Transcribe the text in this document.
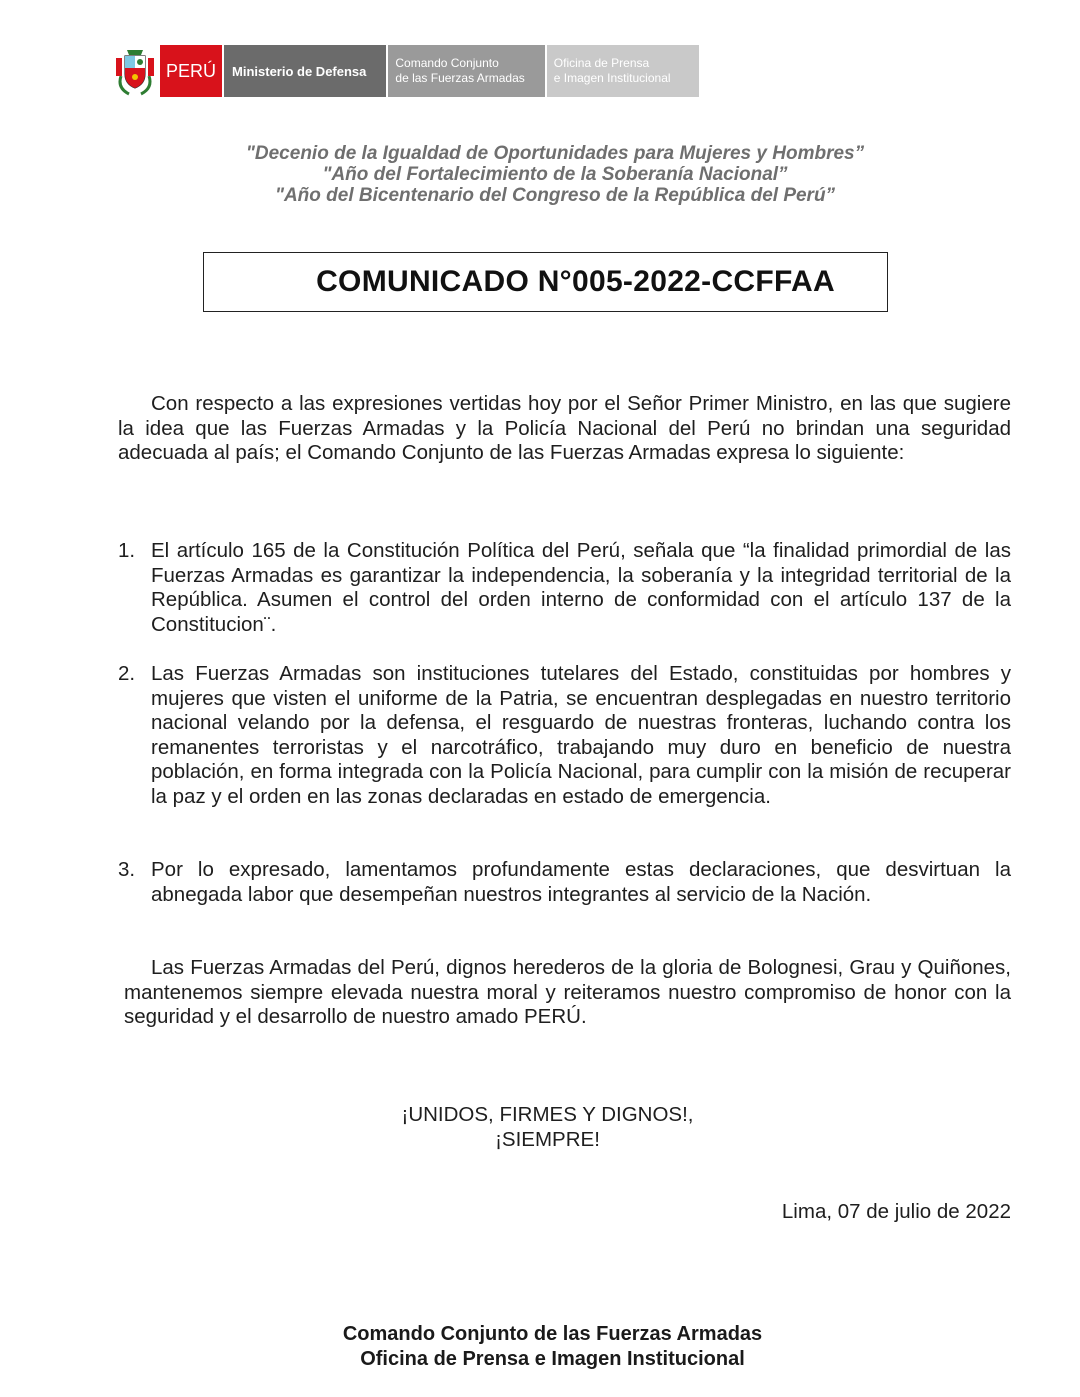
PERÚ	Ministerio de Defensa
Comando Conjunto
de las Fuerzas Armadas
Oficina de Prensa
e Imagen Institucional
"Decenio de la Igualdad de Oportunidades para Mujeres y Hombres”
"Año del Fortalecimiento de la Soberanía Nacional”
"Año del Bicentenario del Congreso de la República del Perú”
COMUNICADO N°005-2022-CCFFAA
Con respecto a las expresiones vertidas hoy por el Señor Primer Ministro, en las que sugiere la idea que las Fuerzas Armadas y la Policía Nacional del Perú no brindan una seguridad adecuada al país; el Comando Conjunto de las Fuerzas Armadas expresa lo siguiente:
1. El artículo 165 de la Constitución Política del Perú, señala que “la finalidad primordial de las Fuerzas Armadas es garantizar la independencia, la soberanía y la integridad territorial de la República. Asumen el control del orden interno de conformidad con el artículo 137 de la Constitucion¨.
2. Las Fuerzas Armadas son instituciones tutelares del Estado, constituidas por hombres y mujeres que visten el uniforme de la Patria, se encuentran desplegadas en nuestro territorio nacional velando por la defensa, el resguardo de nuestras fronteras, luchando contra los remanentes terroristas y el narcotráfico, trabajando muy duro en beneficio de nuestra población, en forma integrada con la Policía Nacional, para cumplir con la misión de recuperar la paz y el orden en las zonas declaradas en estado de emergencia.
3. Por lo expresado, lamentamos profundamente estas declaraciones, que desvirtuan la abnegada labor que desempeñan nuestros integrantes al servicio de la Nación.
Las Fuerzas Armadas del Perú, dignos herederos de la gloria de Bolognesi, Grau y Quiñones, mantenemos siempre elevada nuestra moral y reiteramos nuestro compromiso de honor con la seguridad y el desarrollo de nuestro amado PERÚ.
¡UNIDOS, FIRMES Y DIGNOS!,
¡SIEMPRE!
Lima, 07 de julio de 2022
Comando Conjunto de las Fuerzas Armadas
Oficina de Prensa e Imagen Institucional
